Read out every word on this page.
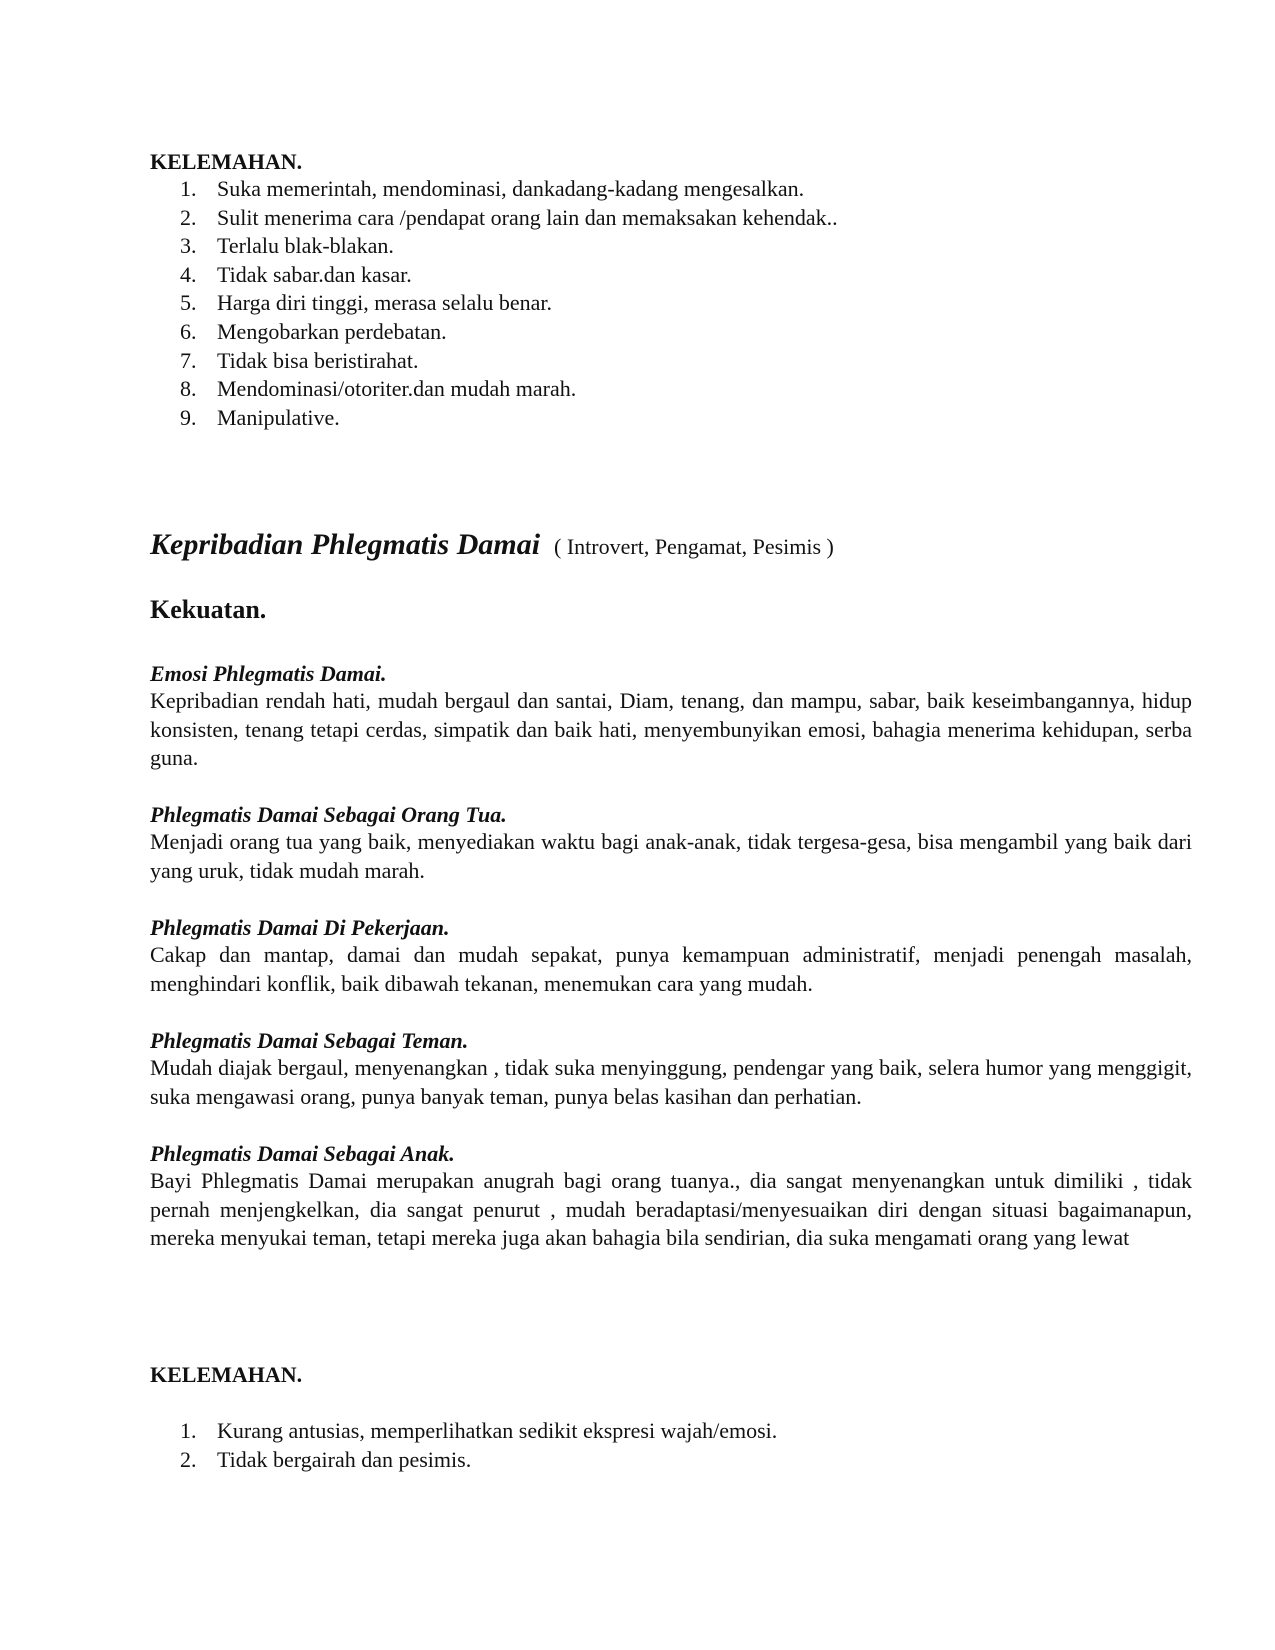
KELEMAHAN.
1. Suka memerintah, mendominasi, dankadang-kadang mengesalkan.
2. Sulit menerima cara /pendapat orang lain dan memaksakan kehendak..
3. Terlalu blak-blakan.
4. Tidak sabar.dan kasar.
5. Harga diri tinggi, merasa selalu benar.
6. Mengobarkan perdebatan.
7. Tidak bisa beristirahat.
8. Mendominasi/otoriter.dan mudah marah.
9. Manipulative.
Kepribadian Phlegmatis Damai ( Introvert, Pengamat, Pesimis )
Kekuatan.
Emosi Phlegmatis Damai.

Kepribadian rendah hati, mudah bergaul dan santai, Diam, tenang, dan mampu, sabar, baik keseimbangannya, hidup konsisten, tenang tetapi cerdas, simpatik dan baik hati, menyembunyikan emosi, bahagia menerima kehidupan, serba guna.

Phlegmatis Damai Sebagai Orang Tua.

Menjadi orang tua yang baik, menyediakan waktu bagi anak-anak, tidak tergesa-gesa, bisa mengambil yang baik dari yang uruk, tidak mudah marah.

Phlegmatis Damai Di Pekerjaan.

Cakap dan mantap, damai dan mudah sepakat, punya kemampuan administratif, menjadi penengah masalah, menghindari konflik, baik dibawah tekanan, menemukan cara yang mudah.

Phlegmatis Damai Sebagai Teman.

Mudah diajak bergaul, menyenangkan , tidak suka menyinggung, pendengar yang baik, selera humor yang menggigit, suka mengawasi orang, punya banyak teman, punya belas kasihan dan perhatian.

Phlegmatis Damai Sebagai Anak.

Bayi Phlegmatis Damai merupakan anugrah bagi orang tuanya., dia sangat menyenangkan untuk dimiliki , tidak pernah menjengkelkan, dia sangat penurut , mudah beradaptasi/menyesuaikan diri dengan situasi bagaimanapun, mereka menyukai teman, tetapi mereka juga akan bahagia bila sendirian, dia suka mengamati orang yang lewat

KELEMAHAN.
1. Kurang antusias, memperlihatkan sedikit ekspresi wajah/emosi.
2. Tidak bergairah dan pesimis.
